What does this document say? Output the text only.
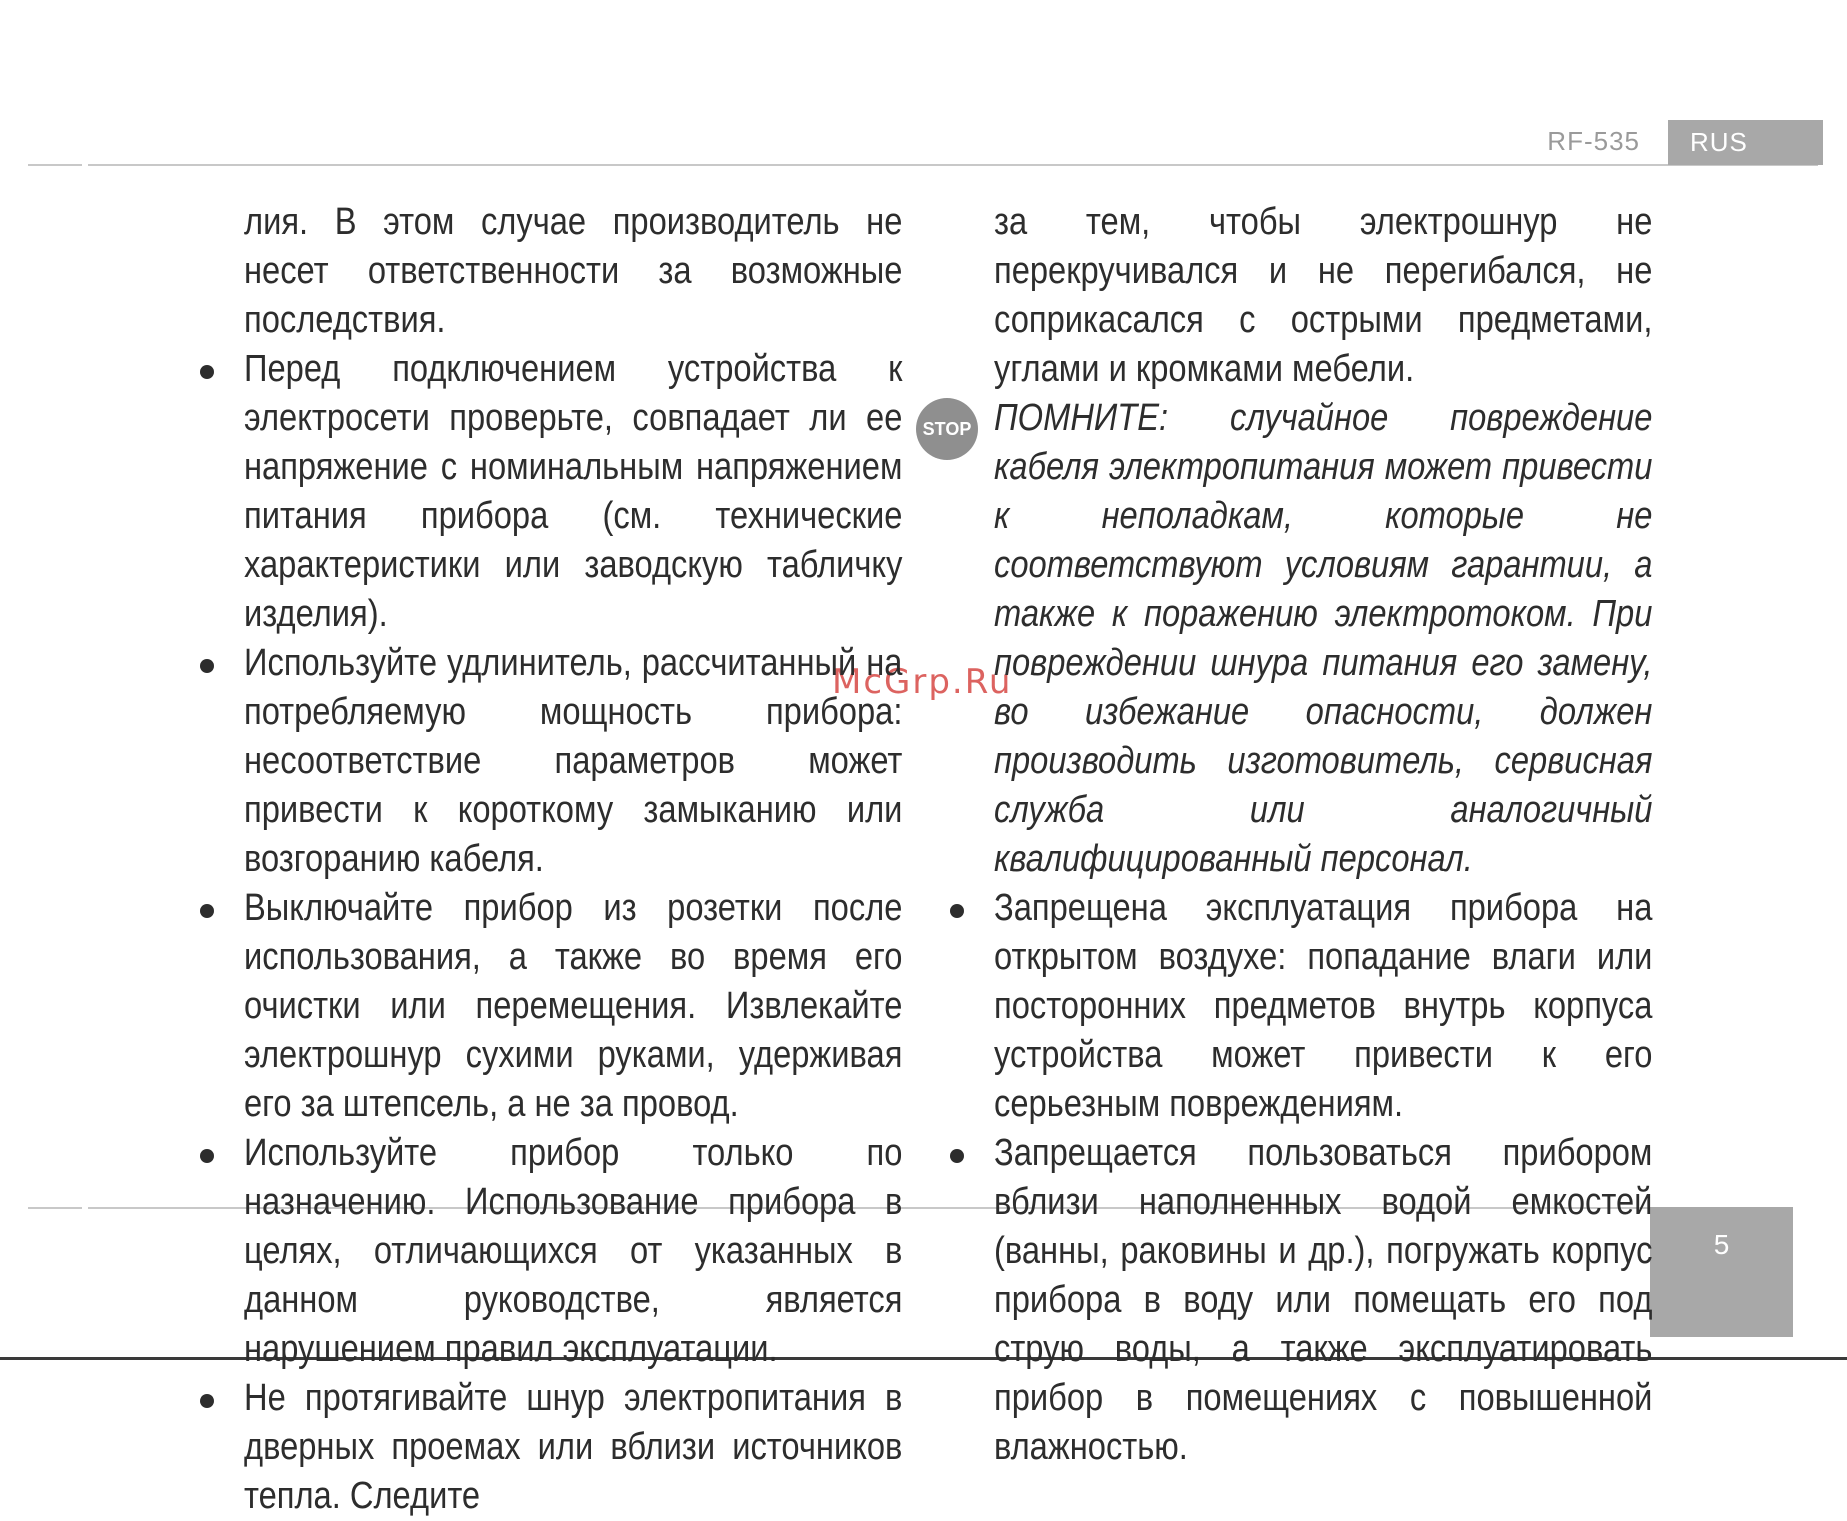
RF-535	RUS
5
McGrp.Ru
лия. В этом случае производитель не несет ответственности за возможные последствия.
Перед подключением устройства к электросети проверьте, совпадает ли ее напряжение с номинальным напряжением питания прибора (см. технические характеристики или заводскую табличку изделия).
Используйте удлинитель, рассчитанный на потребляемую мощность прибора: несоответствие параметров может привести к короткому замыканию или возгоранию кабеля.
Выключайте прибор из розетки после использования, а также во время его очистки или перемещения. Извлекайте электрошнур сухими руками, удерживая его за штепсель, а не за провод.
Используйте прибор только по назначению. Использование прибора в целях, отличающихся от указанных в данном руководстве, является нарушением правил эксплуатации.
Не протягивайте шнур электропитания в дверных проемах или вблизи источников тепла. Следите
за тем, чтобы электрошнур не перекручивался и не перегибался, не соприкасался с острыми предметами, углами и кромками мебели.
STOP ПОМНИТЕ: случайное повреждение кабеля электропитания может привести к неполадкам, которые не соответствуют условиям гарантии, а также к поражению электротоком. При повреждении шнура питания его замену, во избежание опасности, должен производить изготовитель, сервисная служба или аналогичный квалифицированный персонал.
Запрещена эксплуатация прибора на открытом воздухе: попадание влаги или посторонних предметов внутрь корпуса устройства может привести к его серьезным повреждениям.
Запрещается пользоваться прибором вблизи наполненных водой емкостей (ванны, раковины и др.), погружать корпус прибора в воду или помещать его под струю воды, а также эксплуатировать прибор в помещениях с повышенной влажностью.
